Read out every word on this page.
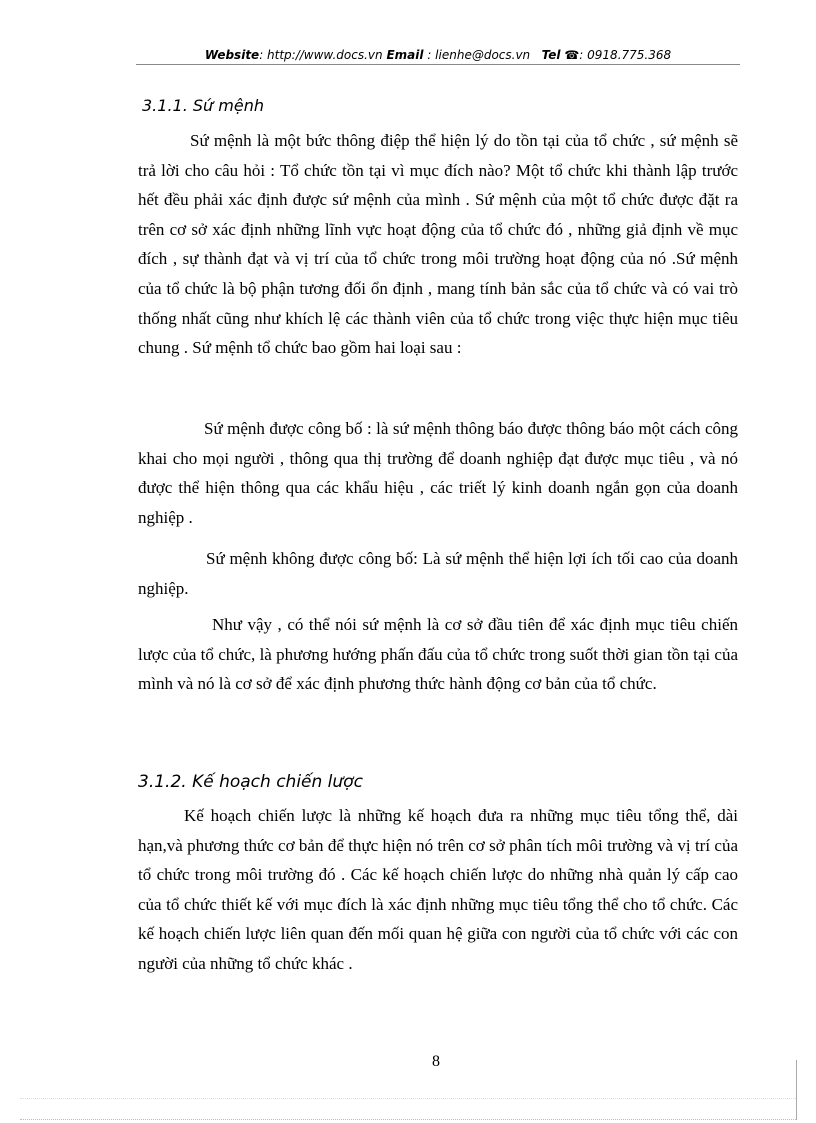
Website: http://www.docs.vn Email : lienhe@docs.vn Tel ☎: 0918.775.368
3.1.1. Sứ mệnh

Sứ mệnh là một bức thông điệp thể hiện lý do tồn tại của tổ chức , sứ mệnh sẽ trả lời cho câu hỏi : Tổ chức tồn tại vì mục đích nào? Một tổ chức khi thành lập trước hết đều phải xác định được sứ mệnh của mình . Sứ mệnh của một tổ chức được đặt ra trên cơ sở xác định những lĩnh vực hoạt động của tổ chức đó , những giả định về mục đích , sự thành đạt và vị trí của tổ chức trong môi trường hoạt động của nó .Sứ mệnh của tổ chức là bộ phận tương đối ổn định , mang tính bản sắc của tổ chức và có vai trò thống nhất cũng như khích lệ các thành viên của tổ chức trong việc thực hiện mục tiêu chung . Sứ mệnh tổ chức bao gồm hai loại sau :

Sứ mệnh được công bố : là sứ mệnh thông báo được thông báo một cách công khai cho mọi người , thông qua thị trường để doanh nghiệp đạt được mục tiêu , và nó được thể hiện thông qua các khẩu hiệu , các triết lý kinh doanh ngắn gọn của doanh nghiệp .

Sứ mệnh không được công bố: Là sứ mệnh thể hiện lợi ích tối cao của doanh nghiệp.

Như vậy , có thể nói sứ mệnh là cơ sở đầu tiên để xác định mục tiêu chiến lược của tổ chức, là phương hướng phấn đấu của tổ chức trong suốt thời gian tồn tại của mình và nó là cơ sở để xác định phương thức hành động cơ bản của tổ chức.

3.1.2. Kế hoạch chiến lược

Kế hoạch chiến lược là những kế hoạch đưa ra những mục tiêu tổng thể, dài hạn,và phương thức cơ bản để thực hiện nó trên cơ sở phân tích môi trường và vị trí của tổ chức trong môi trường đó . Các kế hoạch chiến lược do những nhà quản lý cấp cao của tổ chức thiết kế với mục đích là xác định những mục tiêu tổng thể cho tổ chức. Các kế hoạch chiến lược liên quan đến mối quan hệ giữa con người của tổ chức với các con người của những tổ chức khác .

8
